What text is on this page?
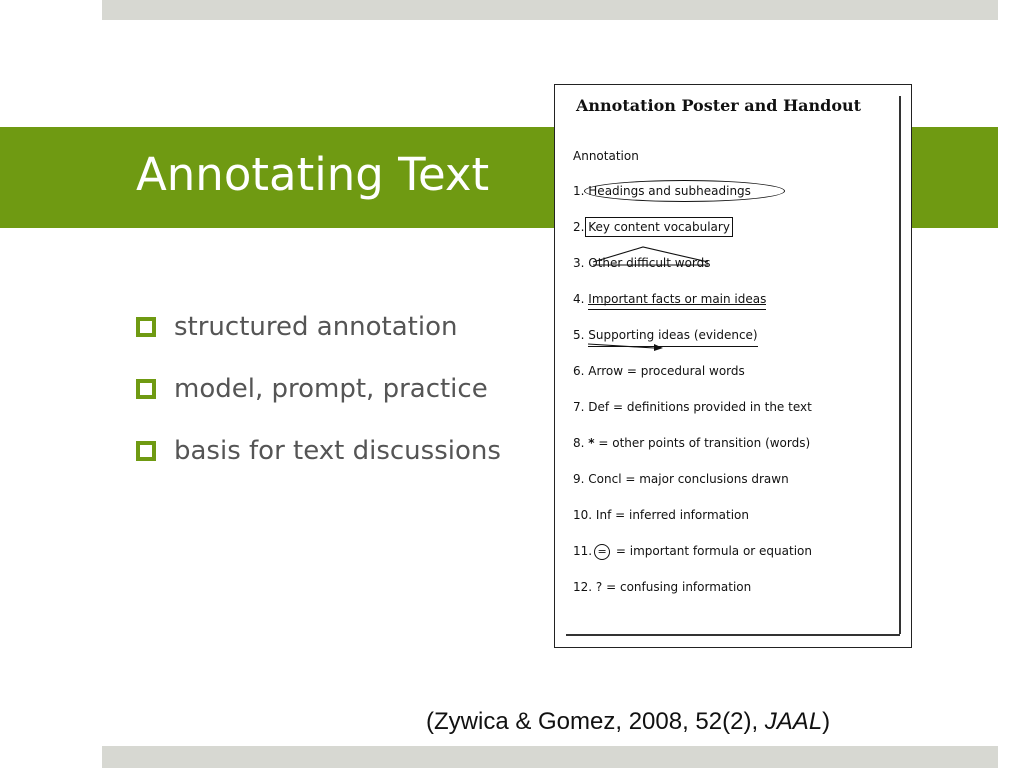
Annotating Text
structured annotation
model, prompt, practice
basis for text discussions
Annotation Poster and Handout
Annotation
1. Headings and subheadings
2. Key content vocabulary
3. Other difficult words
4. Important facts or main ideas
5. Supporting ideas (evidence)
6. Arrow = procedural words
7. Def = definitions provided in the text
8. * = other points of transition (words)
9. Concl = major conclusions drawn
10. Inf = inferred information
11. = = important formula or equation
12. ? = confusing information
(Zywica & Gomez, 2008, 52(2), JAAL)
